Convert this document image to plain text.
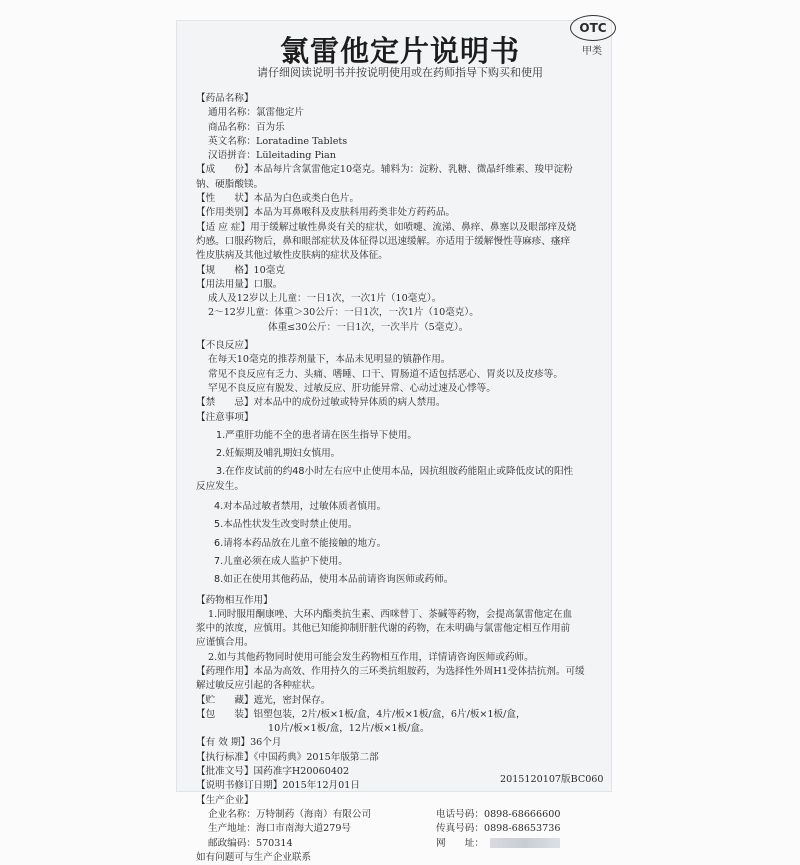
氯雷他定片说明书
请仔细阅读说明书并按说明使用或在药师指导下购买和使用
OTC
甲类
【药品名称】
通用名称：氯雷他定片
商品名称：百为乐
英文名称：Loratadine Tablets
汉语拼音：Lüleitading Pian
【成　　份】本品每片含氯雷他定10毫克。辅料为：淀粉、乳糖、微晶纤维素、羧甲淀粉
钠、硬脂酸镁。
【性　　状】本品为白色或类白色片。
【作用类别】本品为耳鼻喉科及皮肤科用药类非处方药药品。
【适 应 症】用于缓解过敏性鼻炎有关的症状，如喷嚏、流涕、鼻痒、鼻塞以及眼部痒及烧
灼感。口服药物后，鼻和眼部症状及体征得以迅速缓解。亦适用于缓解慢性荨麻疹、瘙痒
性皮肤病及其他过敏性皮肤病的症状及体征。
【规　　格】10毫克
【用法用量】口服。
成人及12岁以上儿童：一日1次，一次1片（10毫克）。
2～12岁儿童：体重＞30公斤：一日1次，一次1片（10毫克）。
体重≤30公斤：一日1次，一次半片（5毫克）。
【不良反应】
在每天10毫克的推荐剂量下，本品未见明显的镇静作用。
常见不良反应有乏力、头痛、嗜睡、口干、胃肠道不适包括恶心、胃炎以及皮疹等。
罕见不良反应有脱发、过敏反应、肝功能异常、心动过速及心悸等。
【禁　　忌】对本品中的成份过敏或特异体质的病人禁用。
【注意事项】
1.严重肝功能不全的患者请在医生指导下使用。
2.妊娠期及哺乳期妇女慎用。
3.在作皮试前的约48小时左右应中止使用本品，因抗组胺药能阻止或降低皮试的阳性
反应发生。
4.对本品过敏者禁用，过敏体质者慎用。
5.本品性状发生改变时禁止使用。
6.请将本药品放在儿童不能接触的地方。
7.儿童必须在成人监护下使用。
8.如正在使用其他药品，使用本品前请咨询医师或药师。
【药物相互作用】
1.同时服用酮康唑、大环内酯类抗生素、西咪替丁、茶碱等药物，会提高氯雷他定在血
浆中的浓度，应慎用。其他已知能抑制肝脏代谢的药物，在未明确与氯雷他定相互作用前
应谨慎合用。
2.如与其他药物同时使用可能会发生药物相互作用，详情请咨询医师或药师。
【药理作用】本品为高效、作用持久的三环类抗组胺药，为选择性外周H1受体拮抗剂。可缓
解过敏反应引起的各种症状。
【贮　　藏】遮光，密封保存。
【包　　装】铝塑包装，2片/板×1板/盒，4片/板×1板/盒，6片/板×1板/盒，
10片/板×1板/盒，12片/板×1板/盒。
【有 效 期】36个月
【执行标准】《中国药典》2015年版第二部
【批准文号】国药准字H20060402
【说明书修订日期】2015年12月01日
【生产企业】
企业名称：万特制药（海南）有限公司	电话号码：0898-68666600
生产地址：海口市南海大道279号	传真号码：0898-68653736
邮政编码：570314	网　　址：
如有问题可与生产企业联系
20151201​07版BC060
